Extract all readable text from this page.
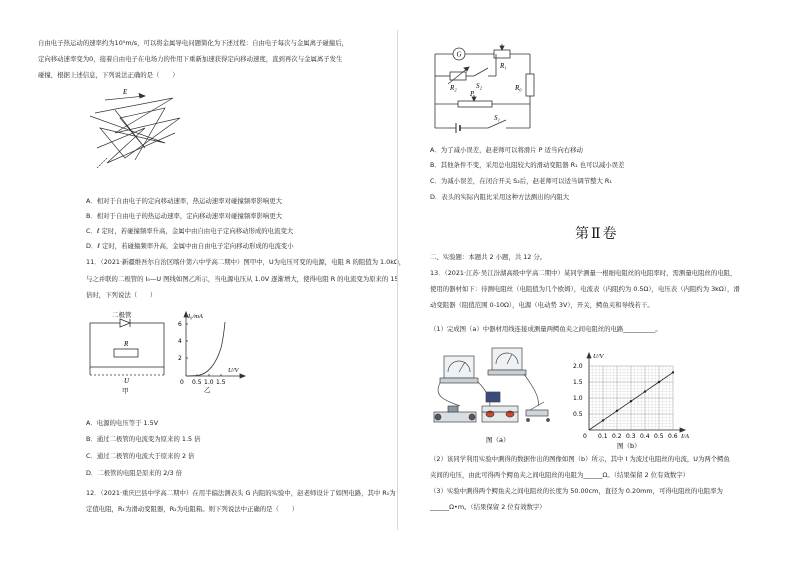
自由电子热运动的速率约为10⁵m/s，可以将金属导电问题简化为下述过程：自由电子每次与金属离子碰撞后，
定向移动速率变为0，接着自由电子在电场力的作用下重新加速获得定向移动速度，直到再次与金属离子发生
碰撞，根据上述信息，下列说法正确的是（　　）
E
A．相对于自由电子的定向移动速率，热运动速率对碰撞频率影响更大
B．相对于自由电子的热运动速率，定向移动速率对碰撞频率影响更大
C．ℓ 定时，若碰撞频率升高，金属中由自由电子定向移动形成的电流变大
D．ℓ 定时，若碰撞频率升高，金属中由自由电子定向移动形成的电流变小
11．（2021·新疆维吾尔自治区喀什第六中学高二期中）图甲中，U为电压可变的电源，电阻 R 的阻值为 1.0kΩ，
与之并联的二极管的 I₀—U 图线如图乙所示，当电源电压从 1.0V 逐渐增大，使得电阻 R 的电流变为原来的 15
倍时，下列说法（　　）
二极管
R
U
甲
I₀/mA
U/V
6
4
2
0 0.5 1.0 1.5
乙
A．电源的电压等于 1.5V
B．通过二极管的电流变为原来的 1.5 倍
C．通过二极管的电流大于原来的 2 倍
D．二极管的电阻是原来的 2/3 倍
12．（2021·重庆巴县中学高二期中）在用半偏法测表头 G 内阻的实验中，赵老师设计了如图电路，其中 R₀为
定值电阻，R₁为滑动变阻器，R₂为电阻箱。则下列说法中正确的是（　　）
G
R₁
R₂	S₂	R₀
P
S₁
A．为了减小误差，赵老师可以将滑片 P 适当向右移动
B．其他条件不变，采用总电阻较大的滑动变阻器 R₁ 也可以减小误差
C．为减小误差，在闭合开关 S₂后，赵老师可以适当调节整大 R₁
D．表头的实际内阻比采用这种方法测出的内阻大
第Ⅱ卷
二、实验题：本题共 2 小题，共 12 分。
13．（2021·江苏·吴江汾湖高级中学高二期中）某同学测量一根细电阻丝的电阻率时，需测量电阻丝的电阻，
使用的器材如下：待测电阻丝（电阻值为几个欧姆），电流表（内阻约为 0.5Ω），电压表（内阻约为 3kΩ），滑
动变阻器（阻值范围 0-10Ω），电源（电动势 3V），开关，鳄鱼夹和导线若干。
（1）完成图（a）中器材用线连接成测量两鳄鱼夹之间电阻丝的电路__________。
图（a）
U/V
I/A
2.0
1.5
1.0
0.5
0 0.1 0.2 0.3 0.4 0.5 0.6
图（b）
（2）该同学利用实验中测得的数据作出的图像如图（b）所示，其中 I 为流过电阻丝的电流，U为两个鳄鱼
夹间的电压，由此可得两个鳄鱼夹之间电阻丝的电阻为______Ω。（结果保留 2 位有效数字）
（3）实验中测得两个鳄鱼夹之间电阻丝的长度为 50.00cm，直径为 0.20mm，可得电阻丝的电阻率为
______Ω•m。（结果保留 2 位有效数字）
